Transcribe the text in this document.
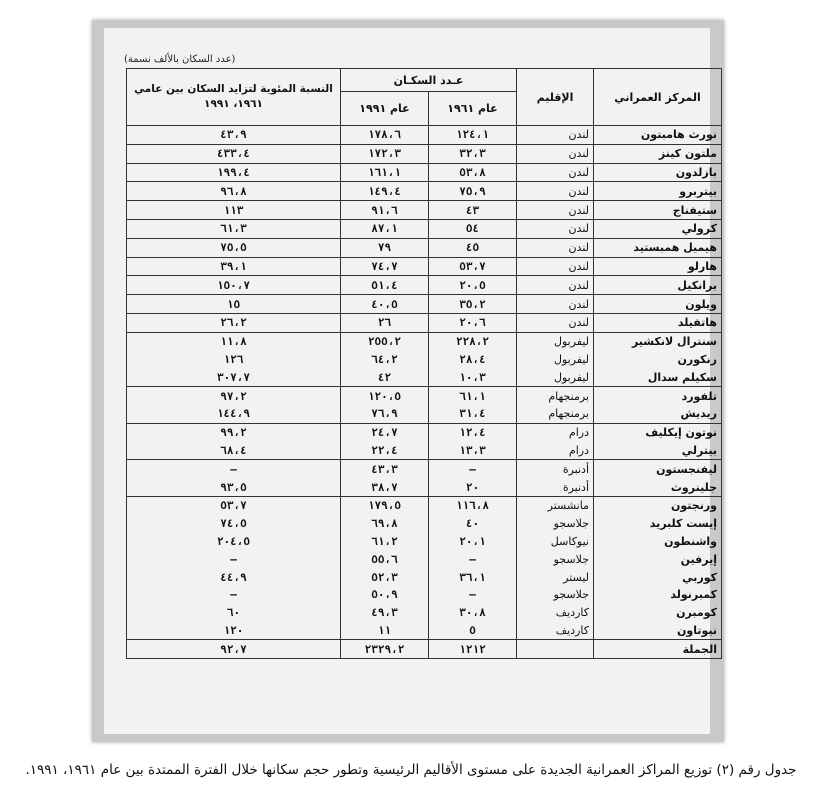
(عدد السكان بالألف نسمة)
المركز العمراني	الإقليم	عـدد السكـان		النسبة المئوية لتزايد السكان بين عامي ١٩٦١، ١٩٩١
		عام ١٩٦١	عام ١٩٩١	
نورث هامبتون	لندن	١٢٤،١	١٧٨،٦	٤٣،٩
ملتون كينز	لندن	٣٢،٣	١٧٢،٣	٤٣٣،٤
بازلدون	لندن	٥٣،٨	١٦١،١	١٩٩،٤
بيتربرو	لندن	٧٥،٩	١٤٩،٤	٩٦،٨
ستيفناج	لندن	٤٣	٩١،٦	١١٣
كرولي	لندن	٥٤	٨٧،١	٦١،٣
هيميل همبستيد	لندن	٤٥	٧٩	٧٥،٥
هارلو	لندن	٥٣،٧	٧٤،٧	٣٩،١
برانكيل	لندن	٢٠،٥	٥١،٤	١٥٠،٧
ويلون	لندن	٣٥،٢	٤٠،٥	١٥
هاتفيلد	لندن	٢٠،٦	٢٦	٢٦،٢
سنترال لانكشير	ليفربول	٢٢٨،٢	٢٥٥،٢	١١،٨
رنكورن	ليفربول	٢٨،٤	٦٤،٢	١٢٦
سكيلم سدال	ليفربول	١٠،٣	٤٢	٣٠٧،٧
تلفورد	برمنجهام	٦١،١	١٢٠،٥	٩٧،٢
ريديش	برمنجهام	٣١،٤	٧٦،٩	١٤٤،٩
نوتون إيكليف	درام	١٢،٤	٢٤،٧	٩٩،٢
بيترلي	درام	١٣،٣	٢٢،٤	٦٨،٤
ليفنجستون	أدنبرة	—	٤٣،٣	—
جلينروث	أدنبرة	٢٠	٣٨،٧	٩٣،٥
ورنجتون	مانشستر	١١٦،٨	١٧٩،٥	٥٣،٧
إيست كلبريد	جلاسجو	٤٠	٦٩،٨	٧٤،٥
واشنطون	نيوكاسل	٢٠،١	٦١،٢	٢٠٤،٥
إيرفين	جلاسجو	—	٥٥،٦	—
كوربي	ليستر	٣٦،١	٥٢،٣	٤٤،٩
كمبرنولد	جلاسجو	—	٥٠،٩	—
كومبرن	كارديف	٣٠،٨	٤٩،٣	٦٠
نيوتاون	كارديف	٥	١١	١٢٠
الجملة		١٢١٢	٢٣٢٩،٢	٩٢،٧
جدول رقم (٢) توزيع المراكز العمرانية الجديدة على مستوى الأقاليم الرئيسية وتطور حجم سكانها خلال الفترة الممتدة بين عام ١٩٦١، ١٩٩١.
